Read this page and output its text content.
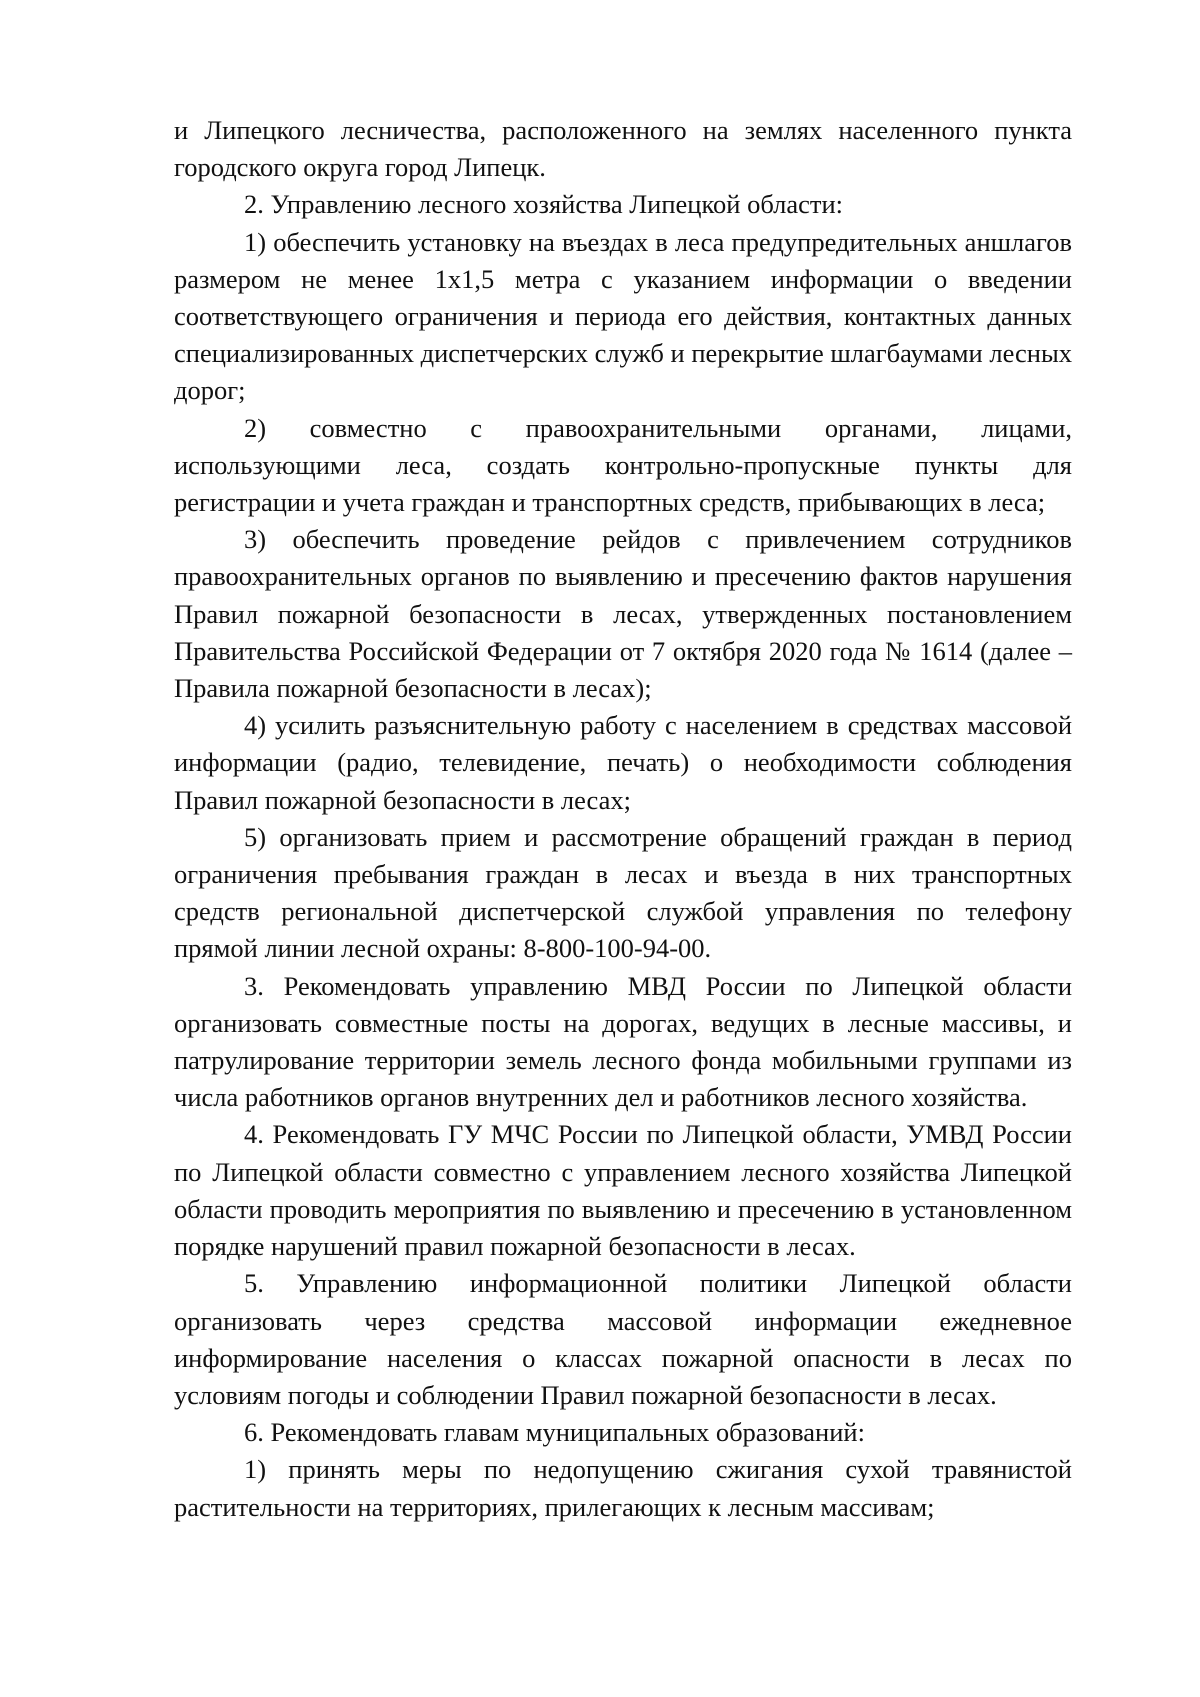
и Липецкого лесничества, расположенного на землях населенного пункта городского округа город Липецк.

2. Управлению лесного хозяйства Липецкой области:

1) обеспечить установку на въездах в леса предупредительных аншлагов размером не менее 1х1,5 метра с указанием информации о введении соответствующего ограничения и периода его действия, контактных данных специализированных диспетчерских служб и перекрытие шлагбаумами лесных дорог;

2) совместно с правоохранительными органами, лицами, использующими леса, создать контрольно-пропускные пункты для регистрации и учета граждан и транспортных средств, прибывающих в леса;

3) обеспечить проведение рейдов с привлечением сотрудников правоохранительных органов по выявлению и пресечению фактов нарушения Правил пожарной безопасности в лесах, утвержденных постановлением Правительства Российской Федерации от 7 октября 2020 года № 1614 (далее – Правила пожарной безопасности в лесах);

4) усилить разъяснительную работу с населением в средствах массовой информации (радио, телевидение, печать) о необходимости соблюдения Правил пожарной безопасности в лесах;

5) организовать прием и рассмотрение обращений граждан в период ограничения пребывания граждан в лесах и въезда в них транспортных средств региональной диспетчерской службой управления по телефону прямой линии лесной охраны: 8-800-100-94-00.

3. Рекомендовать управлению МВД России по Липецкой области организовать совместные посты на дорогах, ведущих в лесные массивы, и патрулирование территории земель лесного фонда мобильными группами из числа работников органов внутренних дел и работников лесного хозяйства.

4. Рекомендовать ГУ МЧС России по Липецкой области, УМВД России по Липецкой области совместно с управлением лесного хозяйства Липецкой области проводить мероприятия по выявлению и пресечению в установленном порядке нарушений правил пожарной безопасности в лесах.

5. Управлению информационной политики Липецкой области организовать через средства массовой информации ежедневное информирование населения о классах пожарной опасности в лесах по условиям погоды и соблюдении Правил пожарной безопасности в лесах.

6. Рекомендовать главам муниципальных образований:

1) принять меры по недопущению сжигания сухой травянистой растительности на территориях, прилегающих к лесным массивам;
